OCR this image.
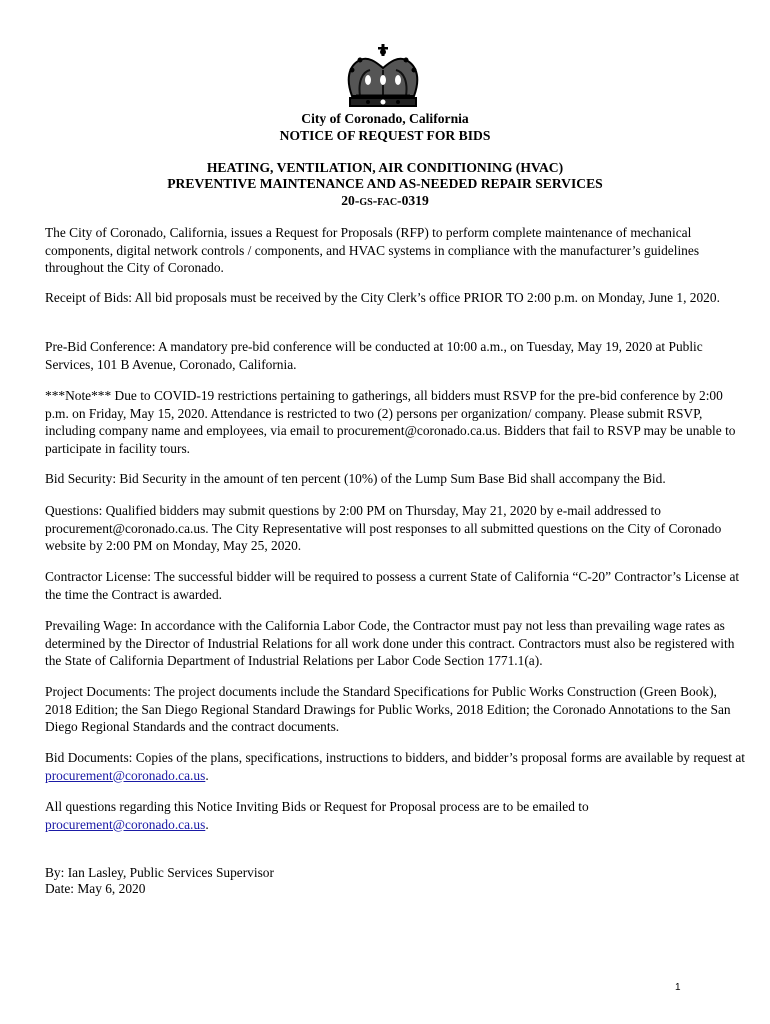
City of Coronado, California
NOTICE OF REQUEST FOR BIDS
HEATING, VENTILATION, AIR CONDITIONING (HVAC)
PREVENTIVE MAINTENANCE AND AS-NEEDED REPAIR SERVICES
20-gs-fac-0319

The City of Coronado, California, issues a Request for Proposals (RFP) to perform complete maintenance of mechanical components, digital network controls / components, and HVAC systems in compliance with the manufacturer’s guidelines throughout the City of Coronado.

Receipt of Bids: All bid proposals must be received by the City Clerk’s office PRIOR TO 2:00 p.m. on Monday, June 1, 2020.

Pre-Bid Conference: A mandatory pre-bid conference will be conducted at 10:00 a.m., on Tuesday, May 19, 2020 at Public Services, 101 B Avenue, Coronado, California.

***Note*** Due to COVID-19 restrictions pertaining to gatherings, all bidders must RSVP for the pre-bid conference by 2:00 p.m. on Friday, May 15, 2020. Attendance is restricted to two (2) persons per organization/ company. Please submit RSVP, including company name and employees, via email to procurement@coronado.ca.us. Bidders that fail to RSVP may be unable to participate in facility tours.

Bid Security: Bid Security in the amount of ten percent (10%) of the Lump Sum Base Bid shall accompany the Bid.

Questions: Qualified bidders may submit questions by 2:00 PM on Thursday, May 21, 2020 by e-mail addressed to procurement@coronado.ca.us. The City Representative will post responses to all submitted questions on the City of Coronado website by 2:00 PM on Monday, May 25, 2020.

Contractor License: The successful bidder will be required to possess a current State of California “C-20” Contractor’s License at the time the Contract is awarded.

Prevailing Wage: In accordance with the California Labor Code, the Contractor must pay not less than prevailing wage rates as determined by the Director of Industrial Relations for all work done under this contract. Contractors must also be registered with the State of California Department of Industrial Relations per Labor Code Section 1771.1(a).

Project Documents: The project documents include the Standard Specifications for Public Works Construction (Green Book), 2018 Edition; the San Diego Regional Standard Drawings for Public Works, 2018 Edition; the Coronado Annotations to the San Diego Regional Standards and the contract documents.

Bid Documents: Copies of the plans, specifications, instructions to bidders, and bidder’s proposal forms are available by request at procurement@coronado.ca.us.

All questions regarding this Notice Inviting Bids or Request for Proposal process are to be emailed to procurement@coronado.ca.us.

By: Ian Lasley, Public Services Supervisor

Date: May 6, 2020

1
